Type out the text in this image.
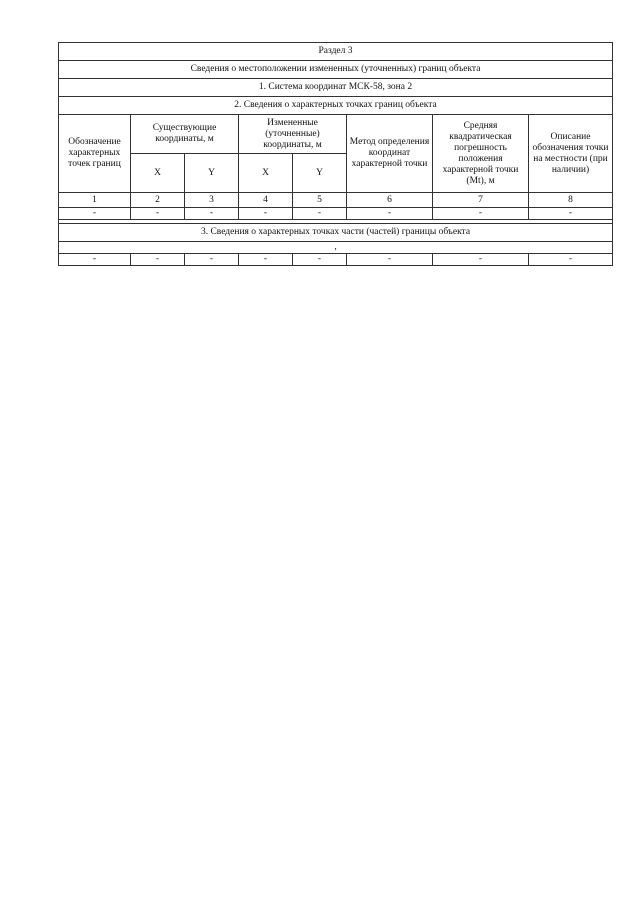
Раздел 3							
Сведения о местоположении измененных (уточненных) границ объекта							
1. Система координат МСК-58, зона 2							
2. Сведения о характерных точках границ объекта							
Обозначение характерных точек границ	Существующие координаты, м		Измененные (уточненные) координаты, м		Метод определения координат характерной точки	Средняя квадратическая погрешность положения характерной точки (Mt), м	Описание обозначения точки на местности (при наличии)
	X	Y	X	Y			
1	2	3	4	5	6	7	8
-	-	-	-	-	-	-	-

3. Сведения о характерных точках части (частей) границы объекта							
,							
-	-	-	-	-	-	-	-
